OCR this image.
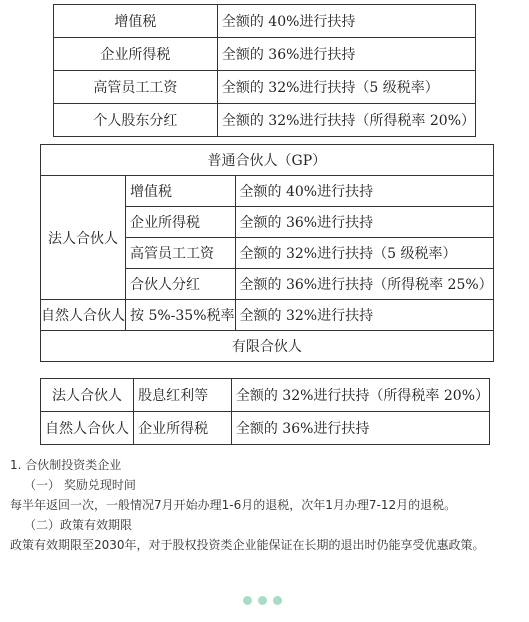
增值税	全额的 40%进行扶持
企业所得税	全额的 36%进行扶持
高管员工工资	全额的 32%进行扶持（5 级税率）
个人股东分红	全额的 32%进行扶持（所得税率 20%）
普通合伙人（GP）		
法人合伙人	增值税	全额的 40%进行扶持
	企业所得税	全额的 36%进行扶持
	高管员工工资	全额的 32%进行扶持（5 级税率）
	合伙人分红	全额的 36%进行扶持（所得税率 25%）
自然人合伙人	按 5%-35%税率	全额的 32%进行扶持
有限合伙人		
法人合伙人	股息红利等	全额的 32%进行扶持（所得税率 20%）
自然人合伙人	企业所得税	全额的 36%进行扶持

1. 合伙制投资类企业

（一） 奖励兑现时间

每半年返回一次，一般情况7月开始办理1-6月的退税，次年1月办理7-12月的退税。

（二）政策有效期限

政策有效期限至2030年，对于股权投资类企业能保证在长期的退出时仍能享受优惠政策。
